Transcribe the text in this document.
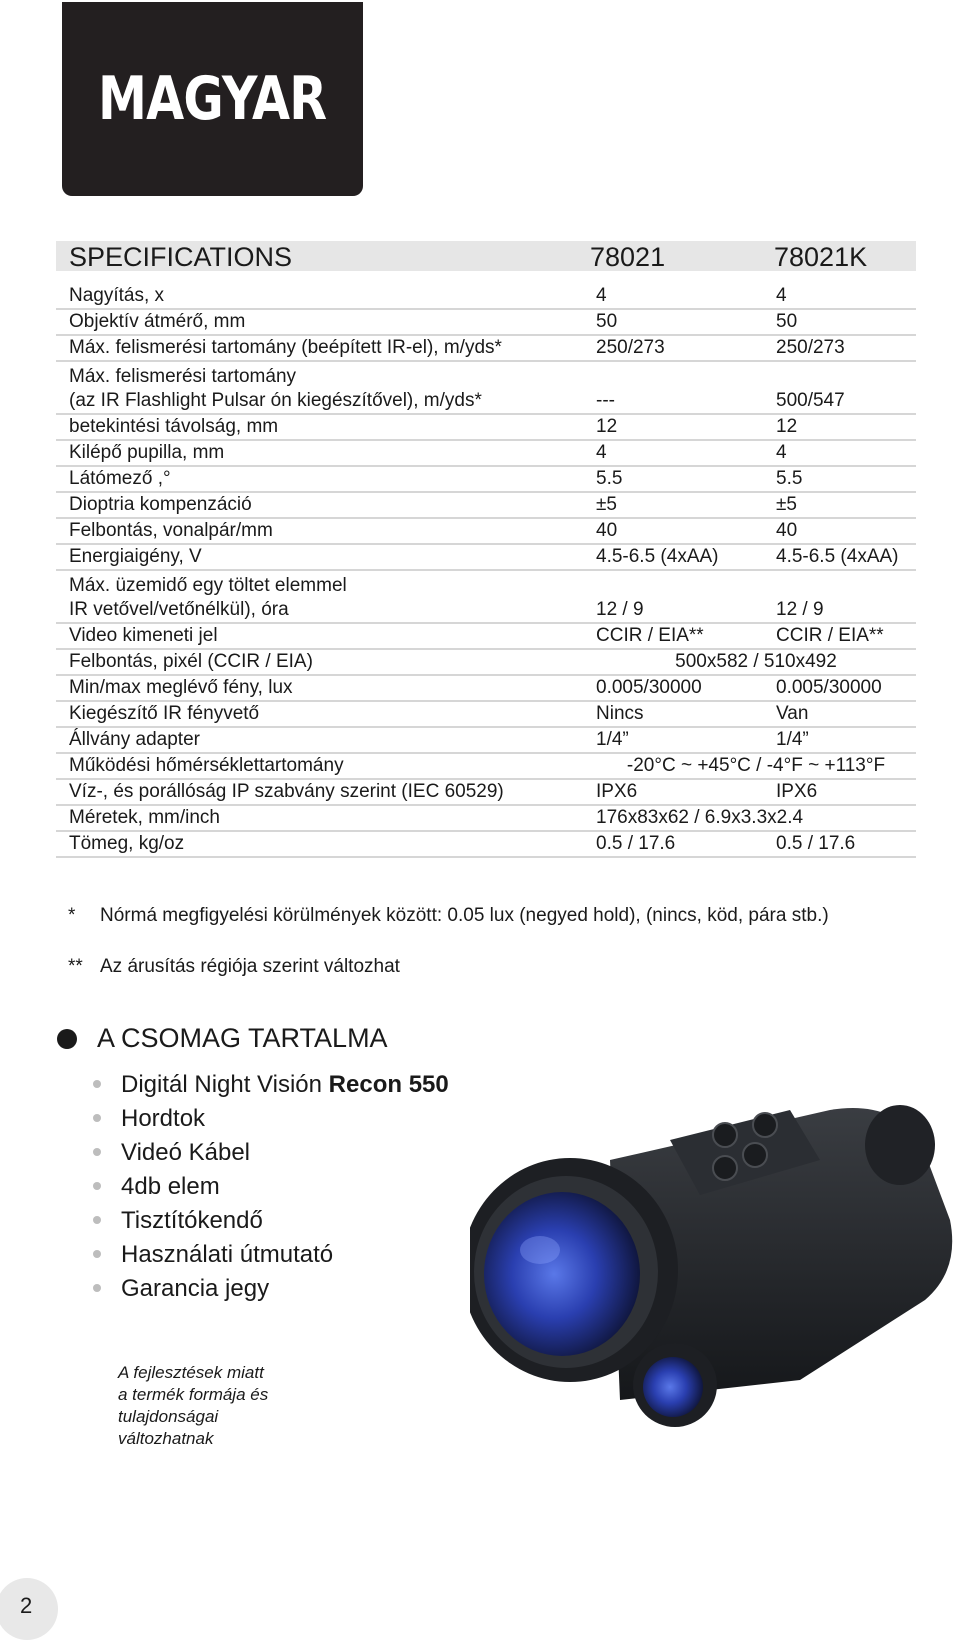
MAGYAR
SPECIFICATIONS	78021	78021K
Nagyítás, x	4	4
Objektív átmérő, mm	50	50
Máx. felismerési tartomány (beépített IR-el), m/yds*	250/273	250/273
Máx. felismerési tartomány
(az IR Flashlight Pulsar ón kiegészítővel), m/yds*	---	500/547
betekintési távolság, mm	12	12
Kilépő pupilla, mm	4	4
Látómező ,°	5.5	5.5
Dioptria kompenzáció	±5	±5
Felbontás, vonalpár/mm	40	40
Energiaigény, V	4.5-6.5 (4xAA)	4.5-6.5 (4xAA)
Máx. üzemidő egy töltet elemmel
IR vetővel/vetőnélkül), óra	12 / 9	12 / 9
Video kimeneti jel	CCIR / EIA**	CCIR / EIA**
Felbontás, pixél (CCIR / EIA)	500x582 / 510x492
Min/max meglévő fény, lux	0.005/30000	0.005/30000
Kiegészítő IR fényvető	Nincs	Van
Állvány adapter	1/4”	1/4”
Működési hőmérséklettartomány	-20°C ~ +45°C / -4°F ~ +113°F
Víz-, és porállóság IP szabvány szerint (IEC 60529)	IPX6	IPX6
Méretek, mm/inch	176x83x62 / 6.9x3.3x2.4
Tömeg, kg/oz	0.5 / 17.6	0.5 / 17.6
* Nórmá megfigyelési körülmények között: 0.05 lux (negyed hold), (nincs, köd, pára stb.)
** Az árusítás régiója szerint változhat
A CSOMAG TARTALMA
Digitál Night Visión Recon 550
Hordtok
Videó Kábel
4db elem
Tisztítókendő
Használati útmutató
Garancia jegy
A fejlesztések miatt
a termék formája és
tulajdonságai
változhatnak
2
